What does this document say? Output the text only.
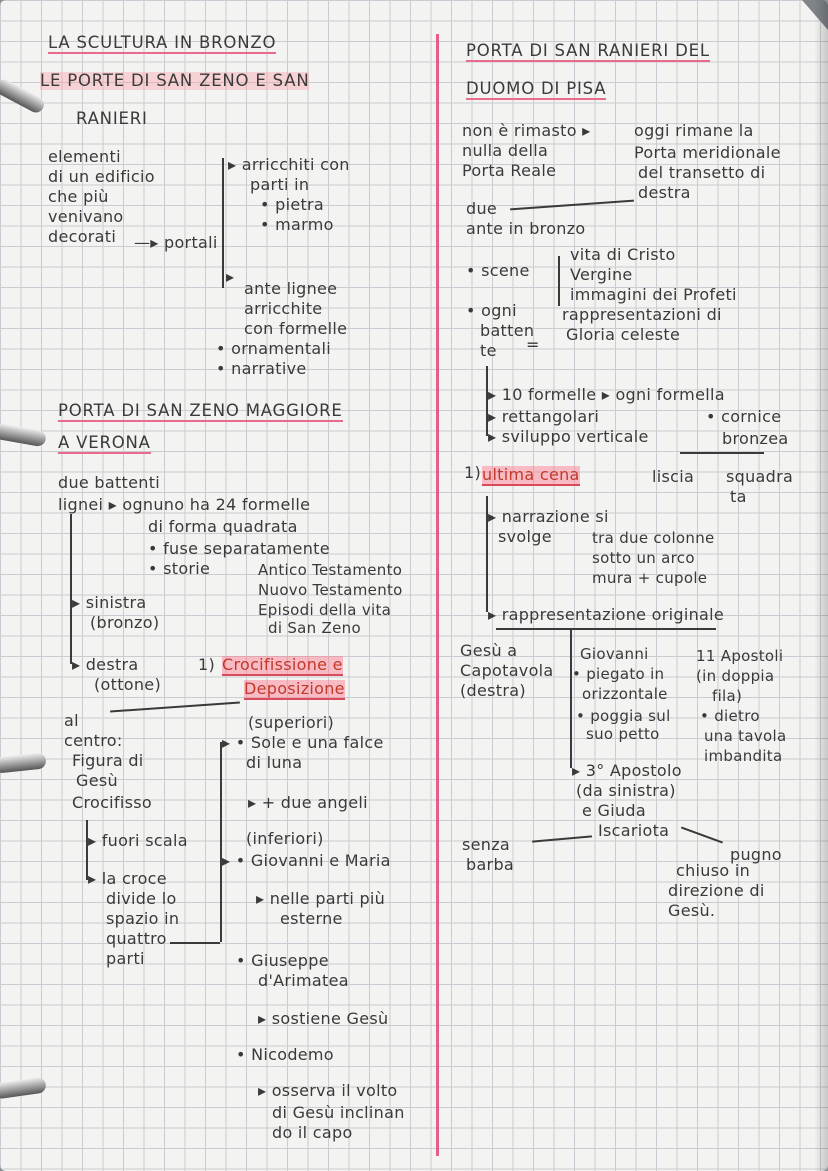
LA SCULTURA IN BRONZO
LE PORTE DI SAN ZENO E SAN
RANIERI
elementi
di un edificio
che più
venivano
decorati —▸ portali
▸ arricchiti con
parti in
• pietra
• marmo
▸
ante lignee
arricchite
con formelle
• ornamentali
• narrative
PORTA DI SAN ZENO MAGGIORE
A VERONA
due battenti
lignei ▸ ognuno ha 24 formelle
di forma quadrata
• fuse separatamente
• storie	Antico Testamento
Nuovo Testamento
Episodi della vita
di San Zeno
▸ sinistra
(bronzo)
▸ destra
(ottone)
1) Crocifissione e
Deposizione
al
centro:
Figura di
Gesù
Crocifisso
(superiori)
▸ • Sole e una falce
di luna
▸ + due angeli
▸ fuori scala
▸ la croce
divide lo
spazio in
quattro
parti
(inferiori)
▸ • Giovanni e Maria
▸ nelle parti più
esterne
• Giuseppe
d'Arimatea
▸ sostiene Gesù
• Nicodemo
▸ osserva il volto
di Gesù inclinan
do il capo
PORTA DI SAN RANIERI DEL
DUOMO DI PISA
non è rimasto ▸
nulla della
Porta Reale
oggi rimane la
Porta meridionale
del transetto di
destra
due
ante in bronzo
• scene
vita di Cristo
Vergine
immagini dei Profeti
• ogni
batten
te =
rappresentazioni di
Gloria celeste
▸ 10 formelle ▸ ogni formella
▸ rettangolari
▸ sviluppo verticale
• cornice
bronzea
liscia squadra
ta
1) ultima cena
▸ narrazione si
svolge	tra due colonne
sotto un arco
mura + cupole
▸ rappresentazione originale
Gesù a
Capotavola
(destra)
Giovanni
• piegato in
orizzontale
• poggia sul
suo petto
11 Apostoli
(in doppia
fila)
• dietro
una tavola
imbandita
▸ 3° Apostolo
(da sinistra)
e Giuda
Iscariota
senza
barba
pugno
chiuso in
direzione di
Gesù.
